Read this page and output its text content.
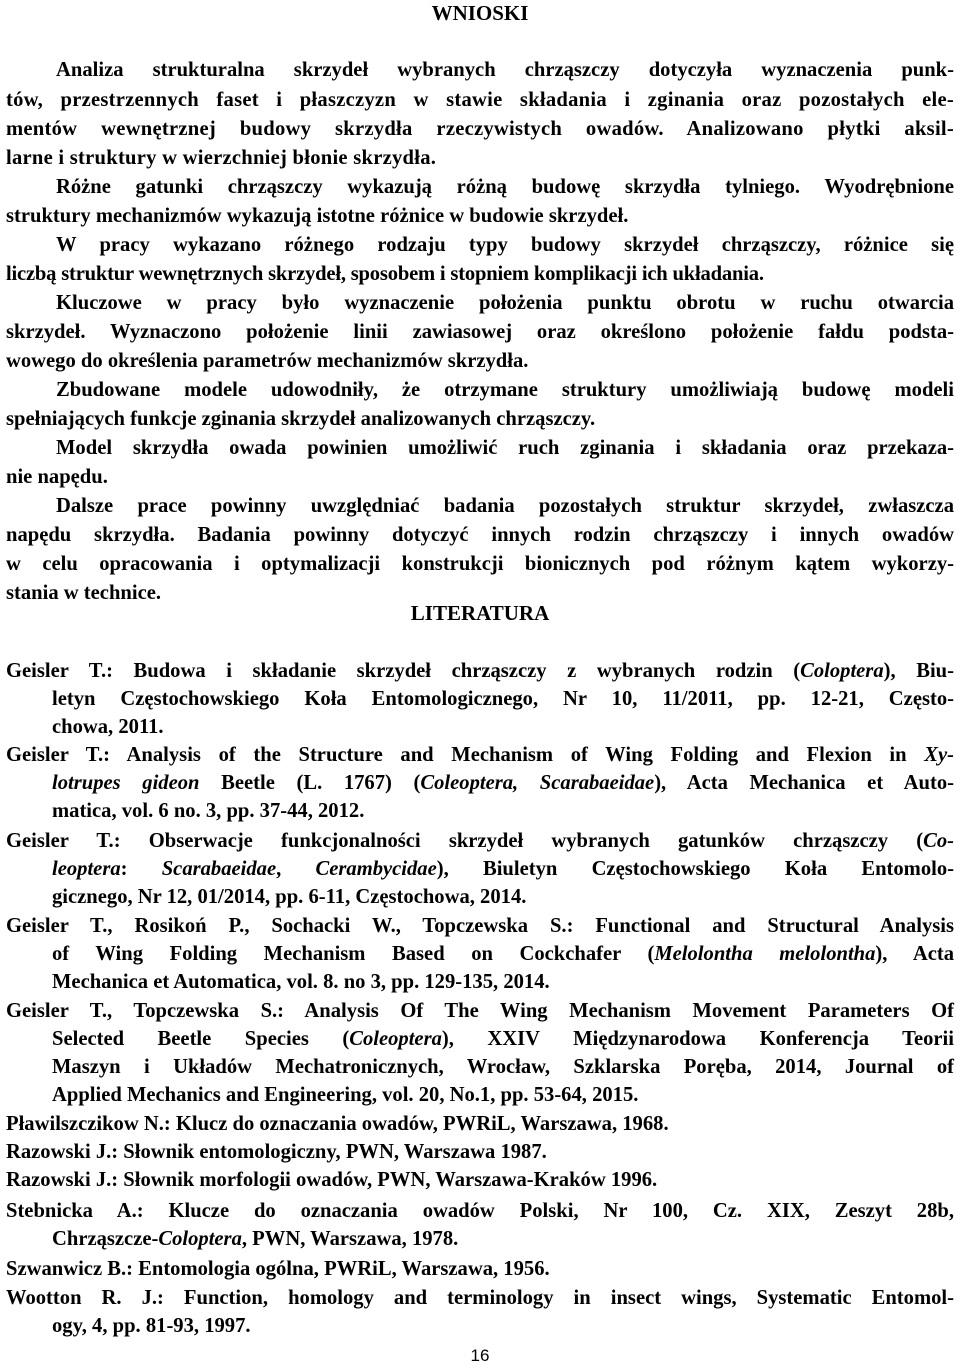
WNIOSKI

Analiza strukturalna skrzydeł wybranych chrząszczy dotyczyła wyznaczenia punk-

tów, przestrzennych faset i płaszczyzn w stawie składania i zginania oraz pozostałych ele-

mentów wewnętrznej budowy skrzydła rzeczywistych owadów. Analizowano płytki aksil-

larne i struktury w wierzchniej błonie skrzydła.

Różne gatunki chrząszczy wykazują różną budowę skrzydła tylniego. Wyodrębnione

struktury mechanizmów wykazują istotne różnice w budowie skrzydeł.

W pracy wykazano różnego rodzaju typy budowy skrzydeł chrząszczy, różnice się

liczbą struktur wewnętrznych skrzydeł, sposobem i stopniem komplikacji ich układania.

Kluczowe w pracy było wyznaczenie położenia punktu obrotu w ruchu otwarcia

skrzydeł. Wyznaczono położenie linii zawiasowej oraz określono położenie fałdu podsta-

wowego do określenia parametrów mechanizmów skrzydła.

Zbudowane modele udowodniły, że otrzymane struktury umożliwiają budowę modeli

spełniających funkcje zginania skrzydeł analizowanych chrząszczy.

Model skrzydła owada powinien umożliwić ruch zginania i składania oraz przekaza-

nie napędu.

Dalsze prace powinny uwzględniać badania pozostałych struktur skrzydeł, zwłaszcza

napędu skrzydła. Badania powinny dotyczyć innych rodzin chrząszczy i innych owadów

w celu opracowania i optymalizacji konstrukcji bionicznych pod różnym kątem wykorzy-

stania w technice.

LITERATURA

Geisler T.: Budowa i składanie skrzydeł chrząszczy z wybranych rodzin (Coloptera), Biu-

letyn Częstochowskiego Koła Entomologicznego, Nr 10, 11/2011, pp. 12-21, Często-

chowa, 2011.

Geisler T.: Analysis of the Structure and Mechanism of Wing Folding and Flexion in Xy-

lotrupes gideon Beetle (L. 1767) (Coleoptera, Scarabaeidae), Acta Mechanica et Auto-

matica, vol. 6 no. 3, pp. 37-44, 2012.

Geisler T.: Obserwacje funkcjonalności skrzydeł wybranych gatunków chrząszczy (Co-

leoptera: Scarabaeidae, Cerambycidae), Biuletyn Częstochowskiego Koła Entomolo-

gicznego, Nr 12, 01/2014, pp. 6-11, Częstochowa, 2014.

Geisler T., Rosikoń P., Sochacki W., Topczewska S.: Functional and Structural Analysis

of Wing Folding Mechanism Based on Cockchafer (Melolontha melolontha), Acta

Mechanica et Automatica, vol. 8. no 3, pp. 129-135, 2014.

Geisler T., Topczewska S.: Analysis Of The Wing Mechanism Movement Parameters Of

Selected Beetle Species (Coleoptera), XXIV Międzynarodowa Konferencja Teorii

Maszyn i Układów Mechatronicznych, Wrocław, Szklarska Poręba, 2014, Journal of

Applied Mechanics and Engineering, vol. 20, No.1, pp. 53-64, 2015.

Pławilszczikow N.: Klucz do oznaczania owadów, PWRiL, Warszawa, 1968.

Razowski J.: Słownik entomologiczny, PWN, Warszawa 1987.

Razowski J.: Słownik morfologii owadów, PWN, Warszawa-Kraków 1996.

Stebnicka A.: Klucze do oznaczania owadów Polski, Nr 100, Cz. XIX, Zeszyt 28b,

Chrząszcze-Coloptera, PWN, Warszawa, 1978.

Szwanwicz B.: Entomologia ogólna, PWRiL, Warszawa, 1956.

Wootton R. J.: Function, homology and terminology in insect wings, Systematic Entomol-

ogy, 4, pp. 81-93, 1997.

16
